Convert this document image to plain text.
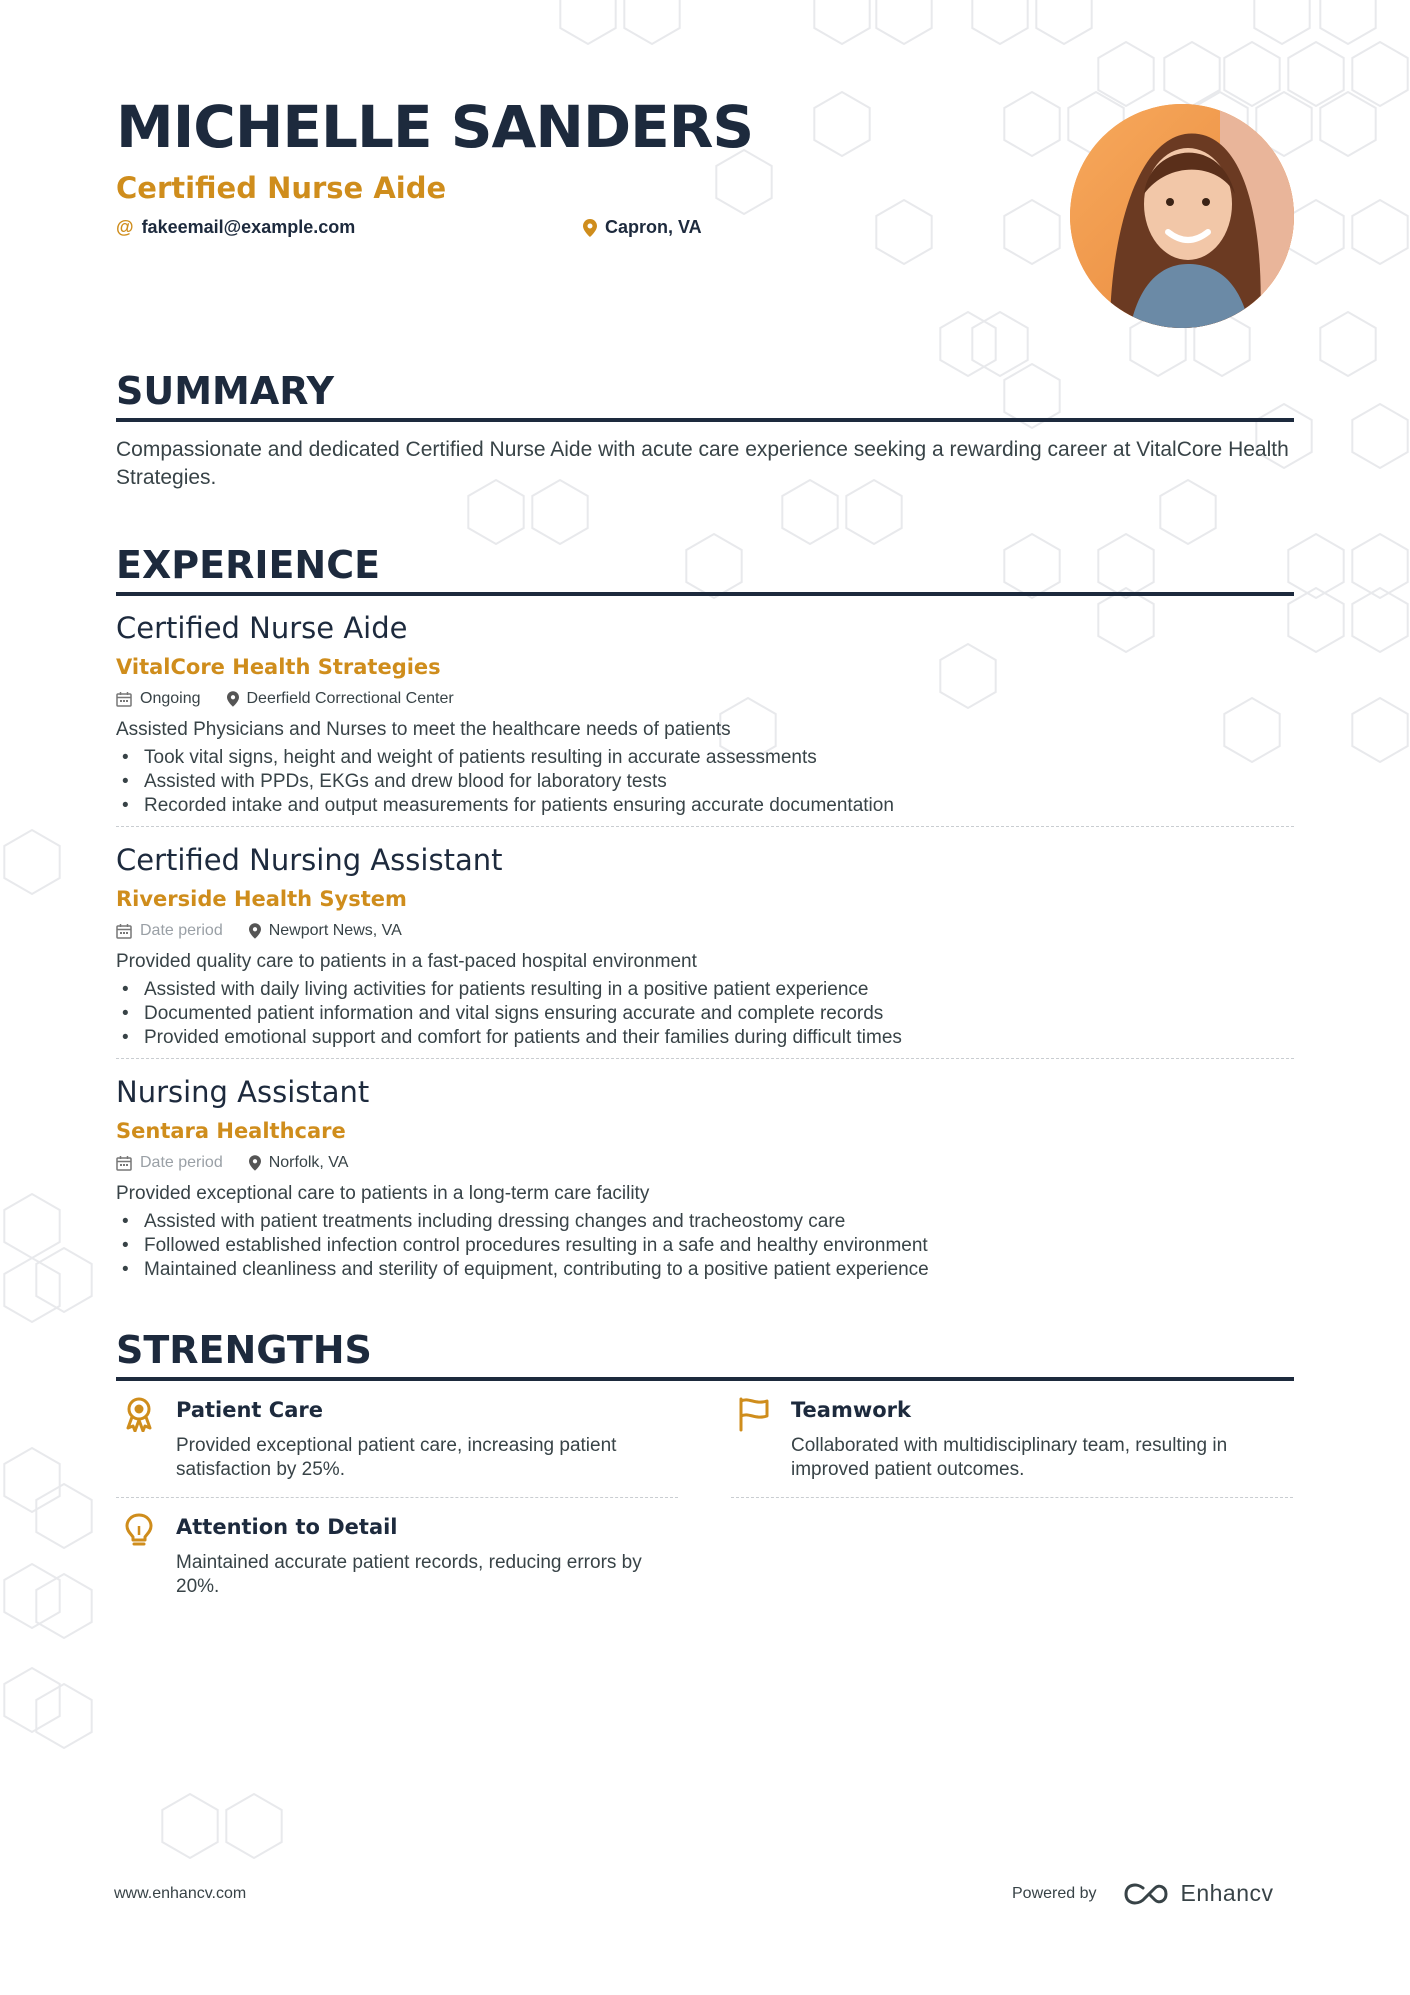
MICHELLE SANDERS
Certified Nurse Aide
@ fakeemail@example.com	Capron, VA
SUMMARY
Compassionate and dedicated Certified Nurse Aide with acute care experience seeking a rewarding career at VitalCore Health Strategies.
EXPERIENCE
Certified Nurse Aide
VitalCore Health Strategies
Ongoing	Deerfield Correctional Center
Assisted Physicians and Nurses to meet the healthcare needs of patients
• Took vital signs, height and weight of patients resulting in accurate assessments
• Assisted with PPDs, EKGs and drew blood for laboratory tests
• Recorded intake and output measurements for patients ensuring accurate documentation
Certified Nursing Assistant
Riverside Health System
Date period	Newport News, VA
Provided quality care to patients in a fast-paced hospital environment
• Assisted with daily living activities for patients resulting in a positive patient experience
• Documented patient information and vital signs ensuring accurate and complete records
• Provided emotional support and comfort for patients and their families during difficult times
Nursing Assistant
Sentara Healthcare
Date period	Norfolk, VA
Provided exceptional care to patients in a long-term care facility
• Assisted with patient treatments including dressing changes and tracheostomy care
• Followed established infection control procedures resulting in a safe and healthy environment
• Maintained cleanliness and sterility of equipment, contributing to a positive patient experience
STRENGTHS
Patient Care
Provided exceptional patient care, increasing patient satisfaction by 25%.
Teamwork
Collaborated with multidisciplinary team, resulting in improved patient outcomes.
Attention to Detail
Maintained accurate patient records, reducing errors by 20%.
www.enhancv.com	Powered by	Enhancv
